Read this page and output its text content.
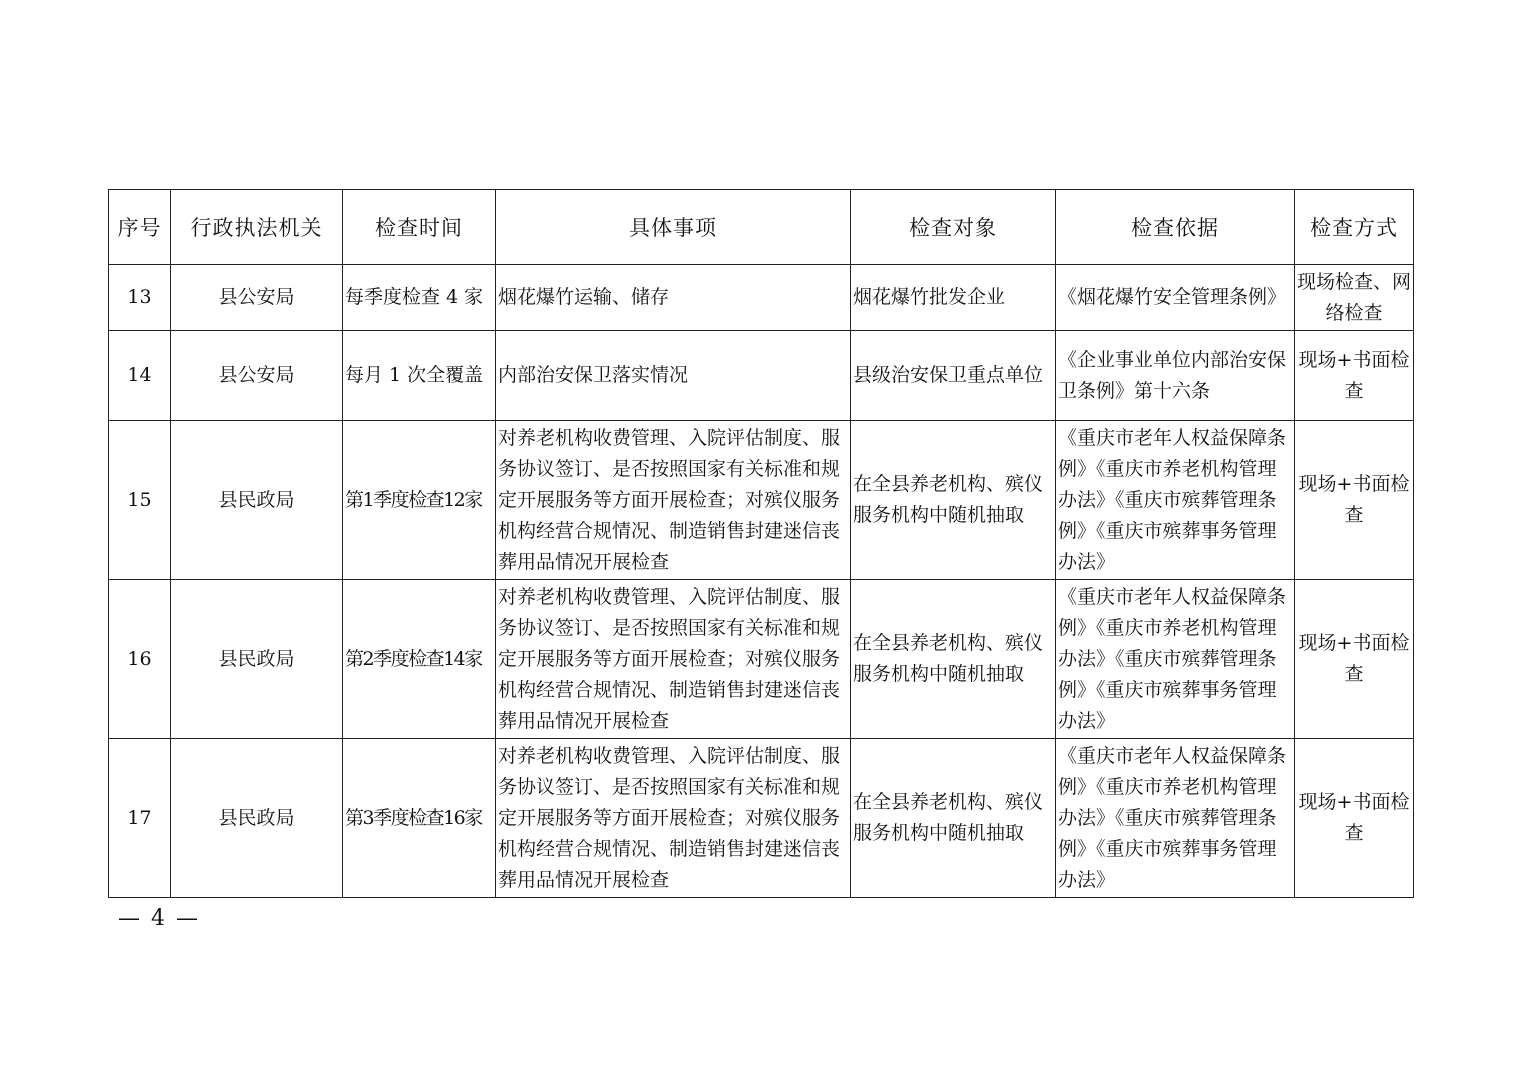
序号	行政执法机关	检查时间	具体事项	检查对象	检查依据	检查方式
13	县公安局	每季度检查 4 家	烟花爆竹运输、储存	烟花爆竹批发企业	《烟花爆竹安全管理条例》	现场检查、网络检查
14	县公安局	每月 1 次全覆盖	内部治安保卫落实情况	县级治安保卫重点单位	《企业事业单位内部治安保卫条例》第十六条	现场+书面检查
15	县民政局	第1季度检查12家	对养老机构收费管理、入院评估制度、服务协议签订、是否按照国家有关标准和规定开展服务等方面开展检查；对殡仪服务机构经营合规情况、制造销售封建迷信丧葬用品情况开展检查	在全县养老机构、殡仪服务机构中随机抽取	《重庆市老年人权益保障条例》《重庆市养老机构管理办法》《重庆市殡葬管理条例》《重庆市殡葬事务管理办法》	现场+书面检查
16	县民政局	第2季度检查14家	对养老机构收费管理、入院评估制度、服务协议签订、是否按照国家有关标准和规定开展服务等方面开展检查；对殡仪服务机构经营合规情况、制造销售封建迷信丧葬用品情况开展检查	在全县养老机构、殡仪服务机构中随机抽取	《重庆市老年人权益保障条例》《重庆市养老机构管理办法》《重庆市殡葬管理条例》《重庆市殡葬事务管理办法》	现场+书面检查
17	县民政局	第3季度检查16家	对养老机构收费管理、入院评估制度、服务协议签订、是否按照国家有关标准和规定开展服务等方面开展检查；对殡仪服务机构经营合规情况、制造销售封建迷信丧葬用品情况开展检查	在全县养老机构、殡仪服务机构中随机抽取	《重庆市老年人权益保障条例》《重庆市养老机构管理办法》《重庆市殡葬管理条例》《重庆市殡葬事务管理办法》	现场+书面检查
— 4 —
